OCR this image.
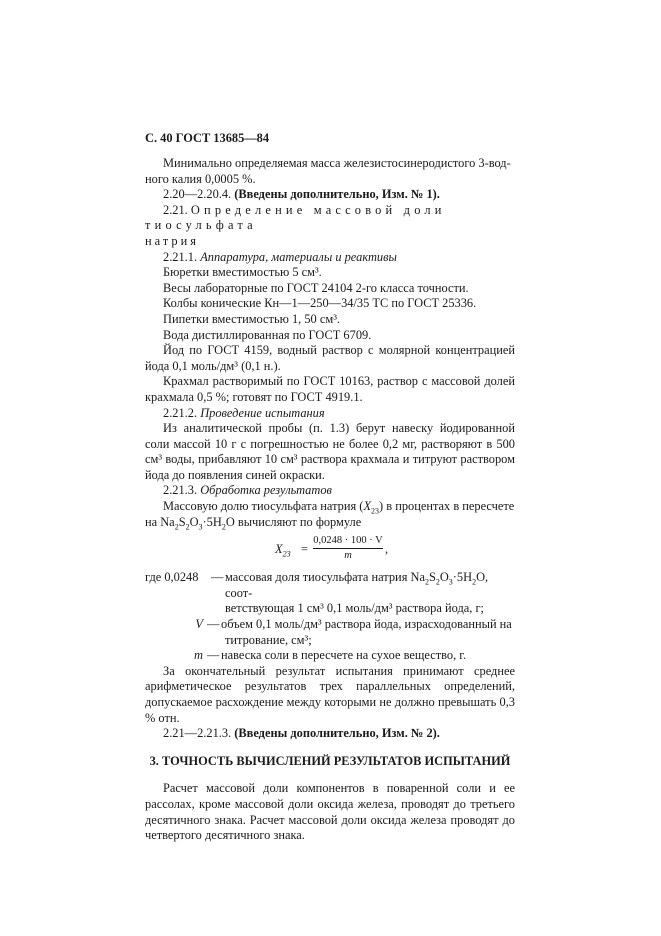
С. 40 ГОСТ 13685—84

Минимально определяемая масса железистосинеродистого 3-вод-

ного калия 0,0005 %.

2.20—2.20.4. (Введены дополнительно, Изм. № 1).

2.21. Определение массовой доли тиосульфата

натрия

2.21.1. Аппаратура, материалы и реактивы

Бюретки вместимостью 5 см³.

Весы лабораторные по ГОСТ 24104 2-го класса точности.

Колбы конические Кн—1—250—34/35 ТС по ГОСТ 25336.

Пипетки вместимостью 1, 50 см³.

Вода дистиллированная по ГОСТ 6709.

Йод по ГОСТ 4159, водный раствор с молярной концентрацией йода 0,1 моль/дм³ (0,1 н.).

Крахмал растворимый по ГОСТ 10163, раствор с массовой долей крахмала 0,5 %; готовят по ГОСТ 4919.1.

2.21.2. Проведение испытания

Из аналитической пробы (п. 1.3) берут навеску йодированной соли массой 10 г с погрешностью не более 0,2 мг, растворяют в 500 см³ воды, прибавляют 10 см³ раствора крахмала и титруют раствором йода до появления синей окраски.

2.21.3. Обработка результатов

Массовую долю тиосульфата натрия $(X_{23})$ в процентах в пересчете

на $Na_2S_2O_3\cdot 5H_2O$ вычисляют по формуле

$X_{23} = \frac{0,0248 \cdot 100 \cdot V}{m}$ ,
где 0,0248	— массовая доля тиосульфата натрия $Na_2S_2O_3\cdot 5H_2O$, соот-
ветствующая 1 см³ 0,1 моль/дм³ раствора йода, г;
V — объем 0,1 моль/дм³ раствора йода, израсходованный на
титрование, см³;
m — навеска соли в пересчете на сухое вещество, г.

За окончательный результат испытания принимают среднее арифметическое результатов трех параллельных определений, допускаемое расхождение между которыми не должно превышать 0,3 % отн.

2.21—2.21.3. (Введены дополнительно, Изм. № 2).

3. ТОЧНОСТЬ ВЫЧИСЛЕНИЙ РЕЗУЛЬТАТОВ ИСПЫТАНИЙ

Расчет массовой доли компонентов в поваренной соли и ее рассолах, кроме массовой доли оксида железа, проводят до третьего десятичного знака. Расчет массовой доли оксида железа проводят до четвертого десятичного знака.
